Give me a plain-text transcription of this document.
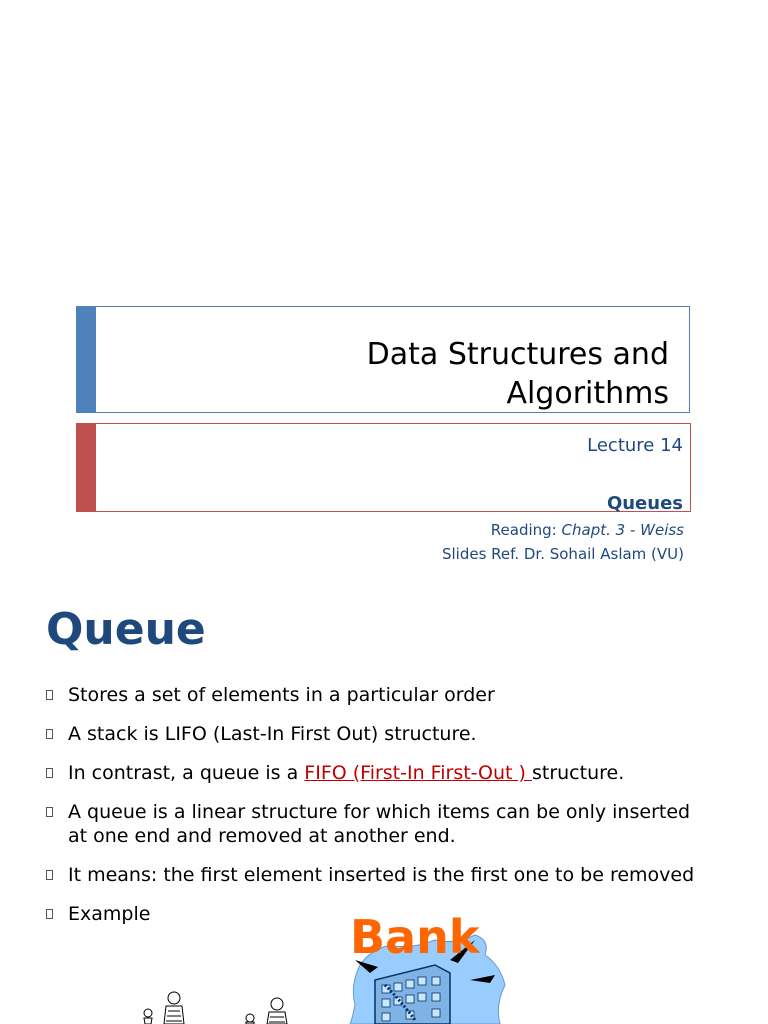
Data Structures and
Algorithms
Lecture 14
Queues
Reading: Chapt. 3 - Weiss
Slides Ref. Dr. Sohail Aslam (VU)
Queue
Stores a set of elements in a particular order
A stack is LIFO (Last-In First Out) structure.
In contrast, a queue is a FIFO (First-In First-Out ) structure.
A queue is a linear structure for which items can be only inserted at one end and removed at another end.
It means: the first element inserted is the first one to be removed
Example	Bank
